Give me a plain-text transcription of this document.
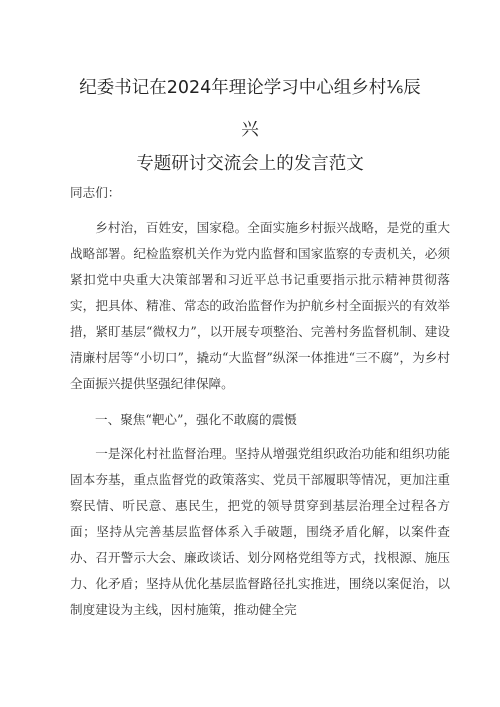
纪委书记在2024年理论学习中心组乡村⅙辰
兴
专题研讨交流会上的发言范文
同志们：
乡村治，百姓安，国家稳。全面实施乡村振兴战略，是党的重大战略部署。纪检监察机关作为党内监督和国家监察的专责机关，必须紧扣党中央重大决策部署和习近平总书记重要指示批示精神贯彻落实，把具体、精准、常态的政治监督作为护航乡村全面振兴的有效举措，紧盯基层“微权力”，以开展专项整治、完善村务监督机制、建设清廉村居等“小切口”，撬动“大监督”纵深一体推进“三不腐”，为乡村全面振兴提供坚强纪律保障。
一、聚焦“靶心”，强化不敢腐的震慑
一是深化村社监督治理。坚持从增强党组织政治功能和组织功能固本夯基，重点监督党的政策落实、党员干部履职等情况，更加注重察民情、听民意、惠民生，把党的领导贯穿到基层治理全过程各方面；坚持从完善基层监督体系入手破题，围绕矛盾化解，以案件查办、召开警示大会、廉政谈话、划分网格党组等方式，找根源、施压力、化矛盾；坚持从优化基层监督路径扎实推进，围绕以案促治，以制度建设为主线，因村施策，推动健全完
